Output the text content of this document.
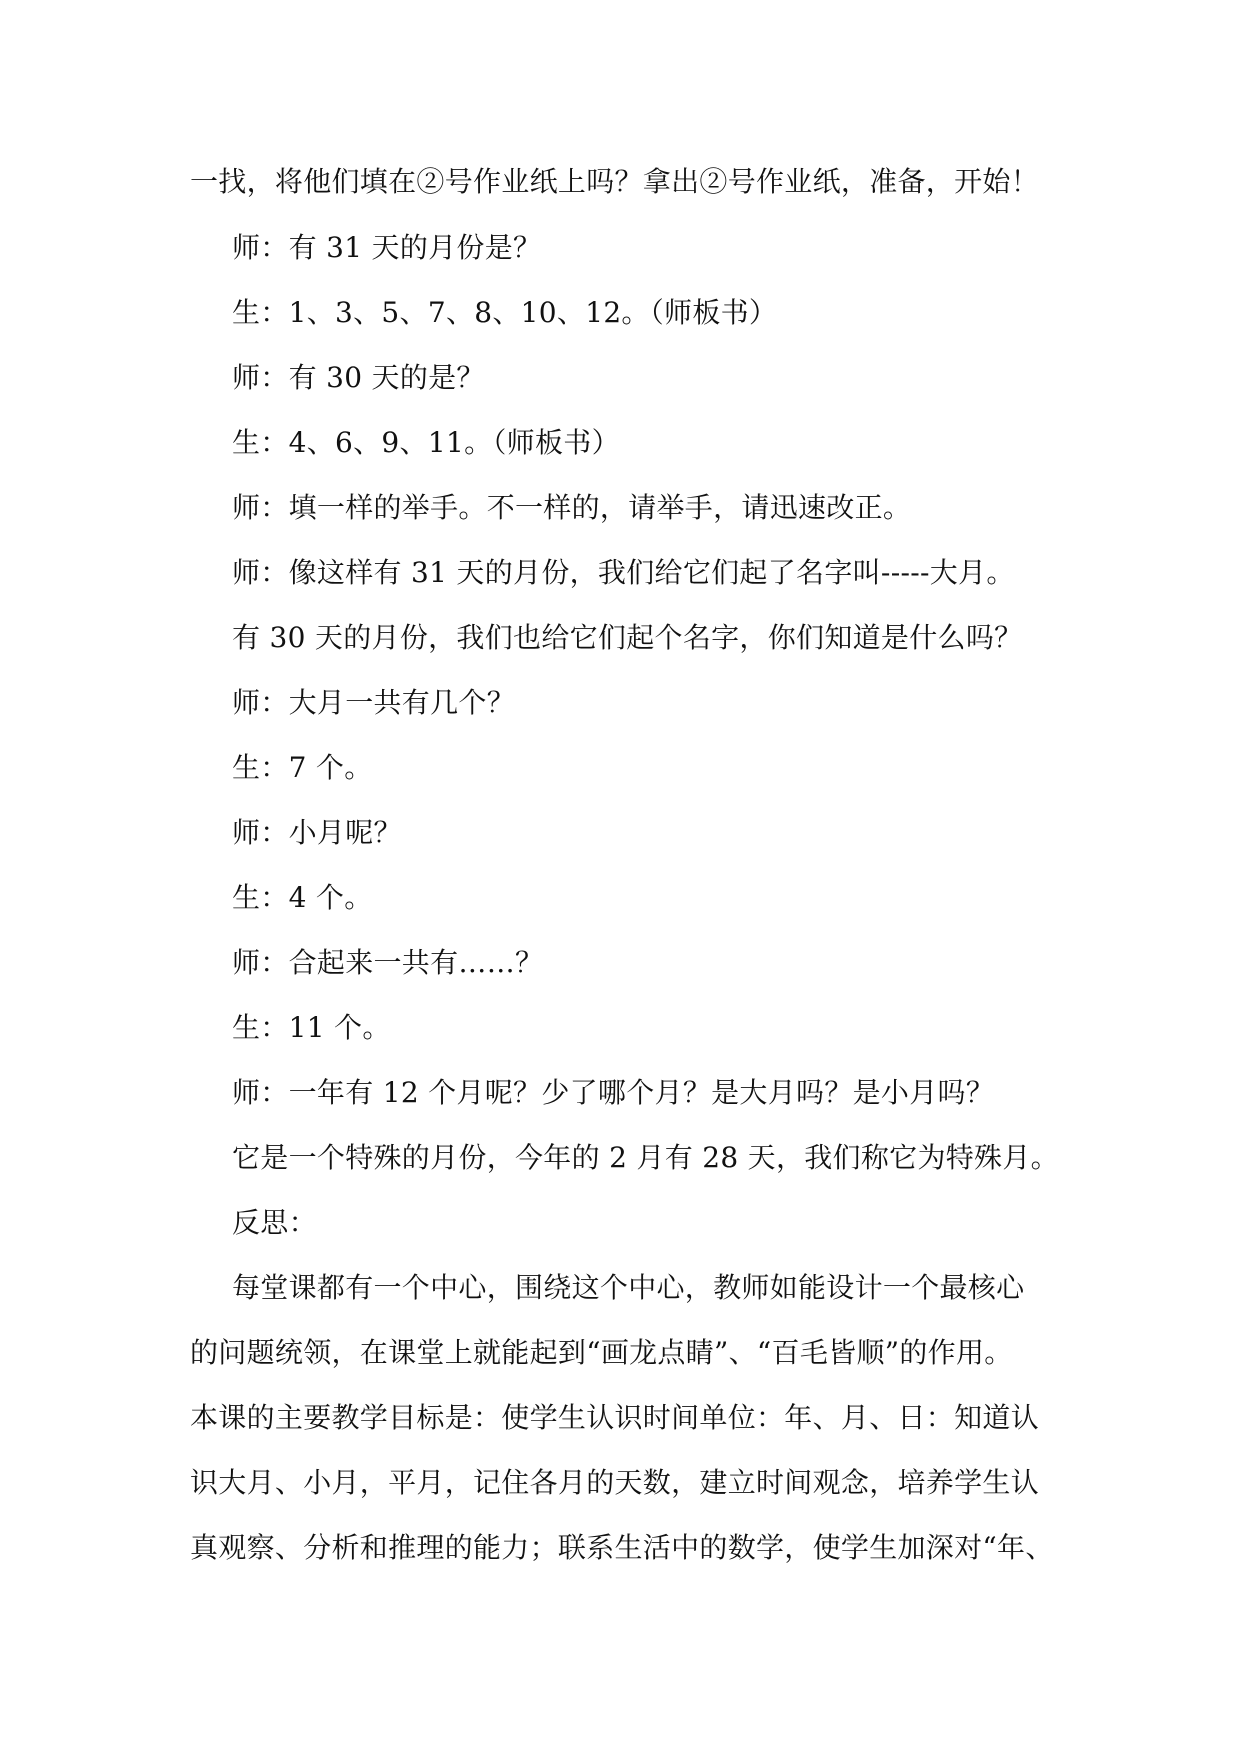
一找，将他们填在②号作业纸上吗？拿出②号作业纸，准备，开始！
师：有 31 天的月份是？
生：1、3、5、7、8、10、12。（师板书）
师：有 30 天的是？
生：4、6、9、11。（师板书）
师：填一样的举手。不一样的，请举手，请迅速改正。
师：像这样有 31 天的月份，我们给它们起了名字叫-----大月。
有 30 天的月份，我们也给它们起个名字，你们知道是什么吗？
师：大月一共有几个？
生：7 个。
师：小月呢？
生：4 个。
师：合起来一共有……？
生：11 个。
师：一年有 12 个月呢？少了哪个月？是大月吗？是小月吗？
它是一个特殊的月份，今年的 2 月有 28 天，我们称它为特殊月。
反思：
每堂课都有一个中心，围绕这个中心，教师如能设计一个最核心
的问题统领，在课堂上就能起到“画龙点睛”、“百毛皆顺”的作用。
本课的主要教学目标是：使学生认识时间单位：年、月、日：知道认
识大月、小月，平月，记住各月的天数，建立时间观念，培养学生认
真观察、分析和推理的能力；联系生活中的数学，使学生加深对“年、
